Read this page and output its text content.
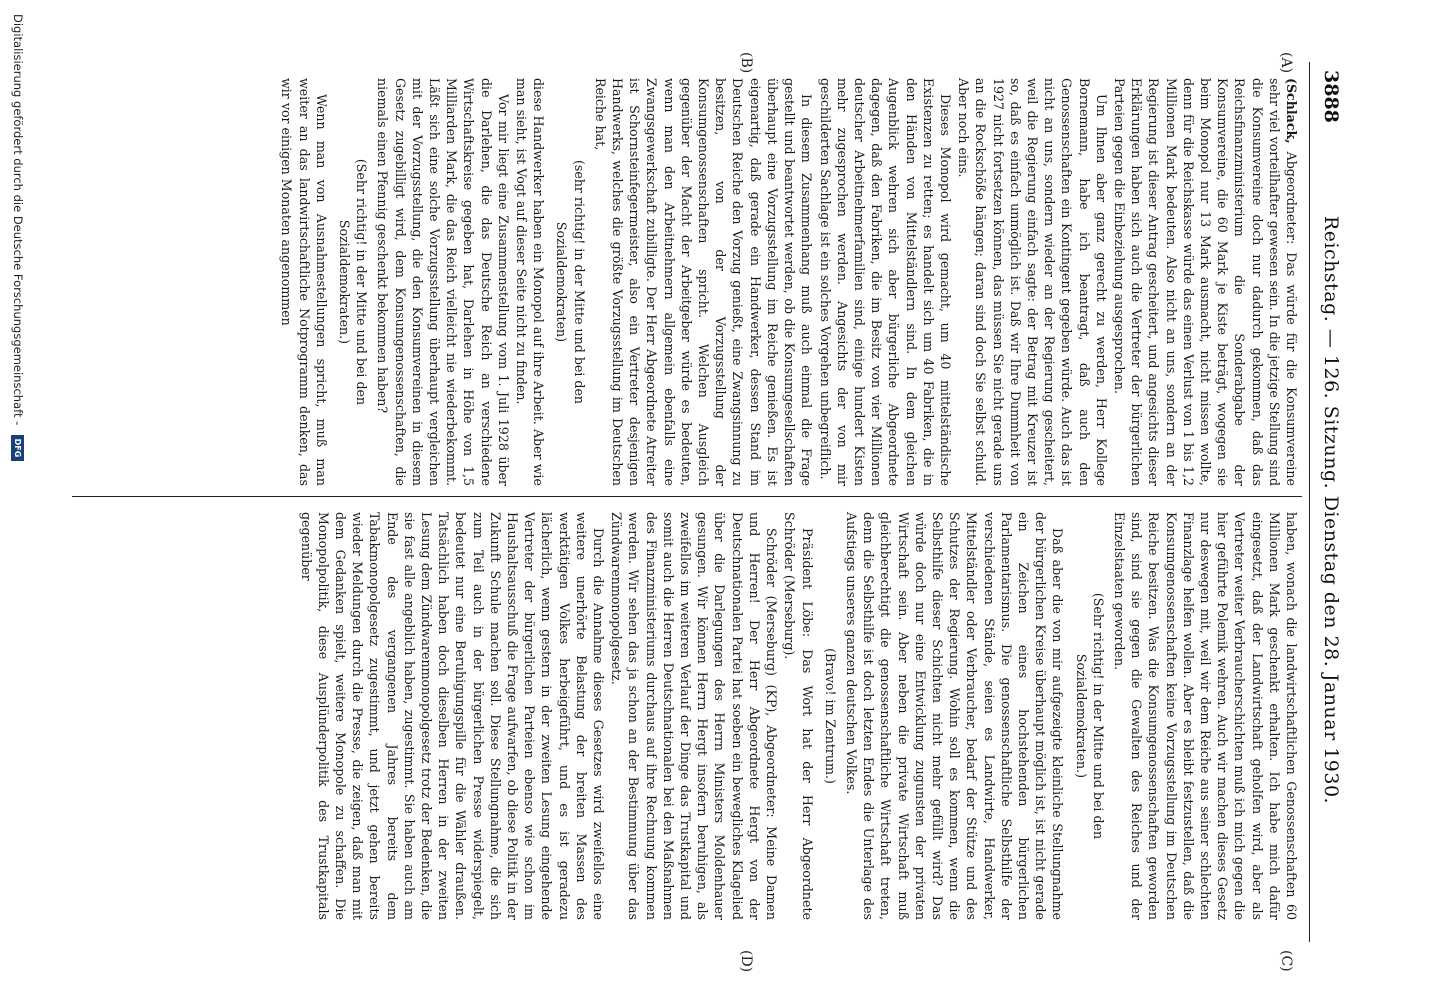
3888
Reichstag. — 126. Sitzung. Dienstag den 28. Januar 1930.
(A)
(B)
(C)
(D)

(Schlack, Abgeordneter: Das würde für die Konsumvereine sehr viel vorteilhafter gewesen sein. In die jetzige Stellung sind die Konsumvereine doch nur dadurch gekommen, daß das Reichsfinanzministerium die Sonderabgabe der Konsumvereine, die 60 Mark je Kiste beträgt, wogegen sie beim Monopol nur 13 Mark ausmacht, nicht missen wollte, denn für die Reichskasse würde das einen Verlust von 1 bis 1,2 Millionen Mark bedeuten. Also nicht an uns, sondern an der Regierung ist dieser Antrag gescheitert, und angesichts dieser Erklärungen haben sich auch die Vertreter der bürgerlichen Parteien gegen die Einbeziehung ausgesprochen.

Um Ihnen aber ganz gerecht zu werden, Herr Kollege Bornemann, habe ich beantragt, daß auch den Genossenschaften ein Kontingent gegeben würde. Auch das ist nicht an uns, sondern wieder an der Regierung gescheitert, weil die Regierung einfach sagte: der Betrag mit Kreuzer ist so, daß es einfach unmöglich ist. Daß wir Ihre Dummheit von 1927 nicht fortsetzen können, das müssen Sie nicht gerade uns an die Rockschöße hängen; daran sind doch Sie selbst schuld. Aber noch eins.

Dieses Monopol wird gemacht, um 40 mittelständische Existenzen zu retten; es handelt sich um 40 Fabriken, die in den Händen von Mittelständlern sind. In dem gleichen Augenblick wehren sich aber bürgerliche Abgeordnete dagegen, daß den Fabriken, die im Besitz von vier Millionen deutscher Arbeitnehmerfamilien sind, einige hundert Kisten mehr zugesprochen werden. Angesichts der von mir geschilderten Sachlage ist ein solches Vorgehen unbegreiflich.

In diesem Zusammenhang muß auch einmal die Frage gestellt und beantwortet werden, ob die Konsumgesellschaften überhaupt eine Vorzugsstellung im Reiche genießen. Es ist eigenartig, daß gerade ein Handwerker, dessen Stand im Deutschen Reiche den Vorzug genießt, eine Zwangsinnung zu besitzen, von der Vorzugsstellung der Konsumgenossenschaften spricht. Welchen Ausgleich gegenüber der Macht der Arbeitgeber würde es bedeuten, wenn man den Arbeitnehmern allgemein ebenfalls eine Zwangsgewerkschaft zubilligte. Der Herr Abgeordnete Atreiter ist Schornsteinfegermeister, also ein Vertreter desjenigen Handwerks, welches die größte Vorzugsstellung im Deutschen Reiche hat,

(sehr richtig! in der Mitte und bei den Sozialdemokraten)

diese Handwerker haben ein Monopol auf ihre Arbeit. Aber wie man sieht, ist Vogt auf dieser Seite nicht zu finden.

Vor mir liegt eine Zusammenstellung vom 1. Juli 1928 über die Darlehen, die das Deutsche Reich an verschiedene Wirtschaftskreise gegeben hat, Darlehen in Höhe von 1,5 Milliarden Mark, die das Reich vielleicht nie wiederbekommt. Läßt sich eine solche Vorzugsstellung überhaupt vergleichen mit der Vorzugsstellung, die den Konsumvereinen in diesem Gesetz zugebilligt wird, dem Konsumgenossenschaften, die niemals einen Pfennig geschenkt bekommen haben?

(Sehr richtig! in der Mitte und bei den Sozialdemokraten.)

Wenn man von Ausnahmestellungen spricht, muß man weiter an das landwirtschaftliche Notprogramm denken, das wir vor einigen Monaten angenommen

haben, wonach die landwirtschaftlichen Genossenschaften 60 Millionen Mark geschenkt erhalten. Ich habe mich dafür eingesetzt, daß der Landwirtschaft geholfen wird, aber als Vertreter weiter Verbraucherschichten muß ich mich gegen die hier geführte Polemik wehren. Auch wir machen dieses Gesetz nur deswegen mit, weil wir dem Reiche aus seiner schlechten Finanzlage helfen wollen. Aber es bleibt festzustellen, daß die Konsumgenossenschaften keine Vorzugsstellung im Deutschen Reiche besitzen. Was die Konsumgenossenschaften geworden sind, sind sie gegen die Gewalten des Reiches und der Einzelstaaten geworden.

(Sehr richtig! in der Mitte und bei den Sozialdemokraten.)

Daß aber die von mir aufgezeigte kleinliche Stellungnahme der bürgerlichen Kreise überhaupt möglich ist, ist nicht gerade ein Zeichen eines hochstehenden bürgerlichen Parlamentarismus. Die genossenschaftliche Selbsthilfe der verschiedenen Stände, seien es Landwirte, Handwerker, Mittelständler oder Verbraucher, bedarf der Stütze und des Schutzes der Regierung. Wohin soll es kommen, wenn die Selbsthilfe dieser Schichten nicht mehr gefüllt wird? Das würde doch nur eine Entwicklung zugunsten der privaten Wirtschaft sein. Aber neben die private Wirtschaft muß gleichberechtigt die genossenschaftliche Wirtschaft treten, denn die Selbsthilfe ist doch letzten Endes die Unterlage des Aufstiegs unseres ganzen deutschen Volkes.

(Bravo! im Zentrum.)

Präsident Löbe: Das Wort hat der Herr Abgeordnete Schröder (Merseburg).

Schröder (Merseburg) (KP), Abgeordneter: Meine Damen und Herren! Der Herr Abgeordnete Hergt von der Deutschnationalen Partei hat soeben ein bewegliches Klagelied über die Darlegungen des Herrn Ministers Moldenhauer gesungen. Wir können Herrn Hergt insofern beruhigen, als zweifellos im weiteren Verlauf der Dinge das Trustkapital und somit auch die Herren Deutschnationalen bei den Maßnahmen des Finanzministeriums durchaus auf ihre Rechnung kommen werden. Wir sehen das ja schon an der Bestimmung über das Zündwarenmonopolgesetz.

Durch die Annahme dieses Gesetzes wird zweifellos eine weitere unerhörte Belastung der breiten Massen des werktätigen Volkes herbeigeführt, und es ist geradezu lächerlich, wenn gestern in der zweiten Lesung eingehende Vertreter der bürgerlichen Parteien ebenso wie schon im Haushaltsausschuß die Frage aufwarfen, ob diese Politik in der Zukunft Schule machen soll. Diese Stellungnahme, die sich zum Teil auch in der bürgerlichen Presse widerspiegelt, bedeutet nur eine Beruhigungspille für die Wähler draußen. Tatsächlich haben doch dieselben Herren in der zweiten Lesung dem Zündwarenmonopolgesetz trotz der Bedenken, die sie fast alle angeblich haben, zugestimmt. Sie haben auch am Ende des vergangenen Jahres bereits dem Tabakmonopolgesetz zugestimmt, und jetzt gehen bereits wieder Meldungen durch die Presse, die zeigen, daß man mit dem Gedanken spielt, weitere Monopole zu schaffen. Die Monopolpolitik, diese Ausplünderpolitik des Trustkapitals gegenüber

Digitalisierung gefördert durch die Deutsche Forschungsgemeinschaft - DFG
